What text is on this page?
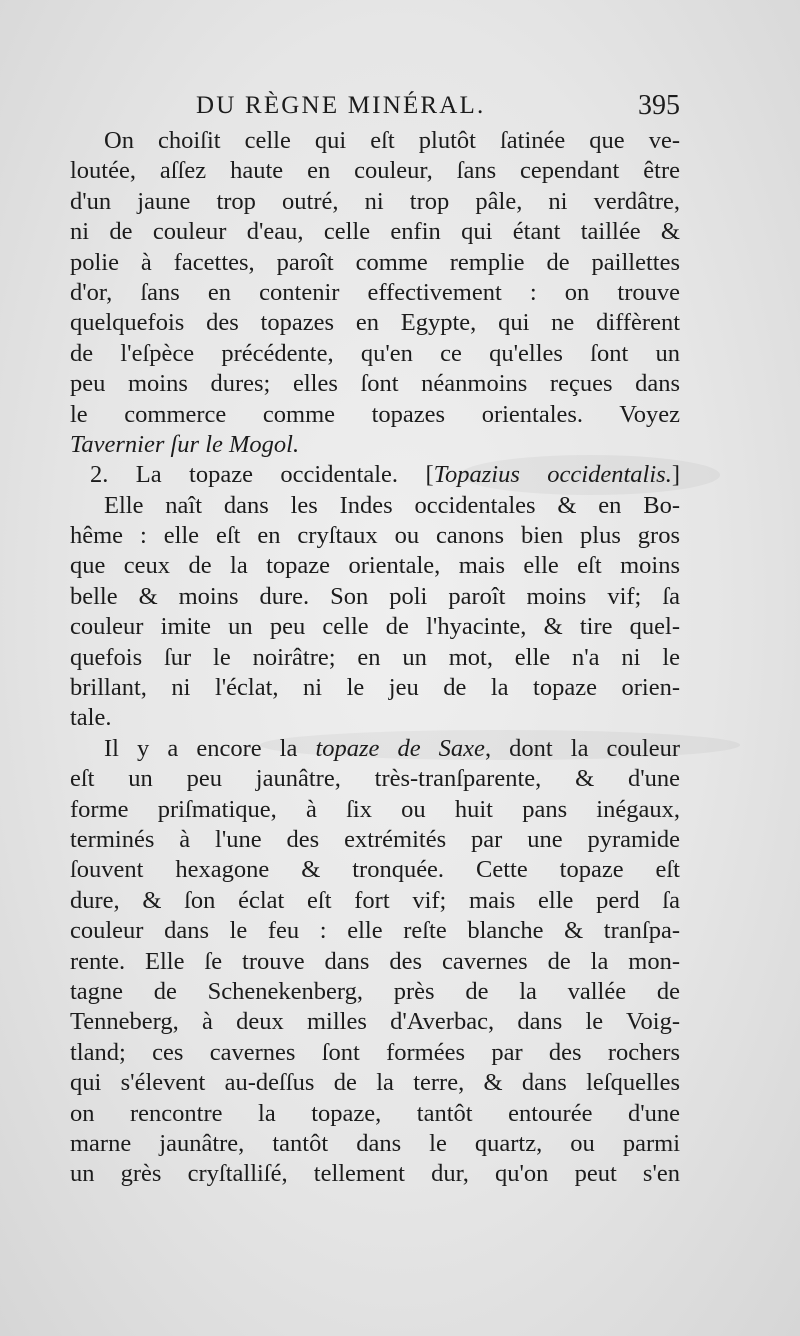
DU RÈGNE MINÉRAL.	395
On choiſit celle qui eſt plutôt ſatinée que ve-
loutée, aſſez haute en couleur, ſans cependant être
d'un jaune trop outré, ni trop pâle, ni verdâtre,
ni de couleur d'eau, celle enfin qui étant taillée &
polie à facettes, paroît comme remplie de paillettes
d'or, ſans en contenir effectivement : on trouve
quelquefois des topazes en Egypte, qui ne diffèrent
de l'eſpèce précédente, qu'en ce qu'elles ſont un
peu moins dures; elles ſont néanmoins reçues dans
le commerce comme topazes orientales. Voyez
Tavernier ſur le Mogol.
2. La topaze occidentale. [Topazius occidentalis.]
Elle naît dans les Indes occidentales & en Bo-
hême : elle eſt en cryſtaux ou canons bien plus gros
que ceux de la topaze orientale, mais elle eſt moins
belle & moins dure. Son poli paroît moins vif; ſa
couleur imite un peu celle de l'hyacinte, & tire quel-
quefois ſur le noirâtre; en un mot, elle n'a ni le
brillant, ni l'éclat, ni le jeu de la topaze orien-
tale.
Il y a encore la topaze de Saxe, dont la couleur
eſt un peu jaunâtre, très-tranſparente, & d'une
forme priſmatique, à ſix ou huit pans inégaux,
terminés à l'une des extrémités par une pyramide
ſouvent hexagone & tronquée. Cette topaze eſt
dure, & ſon éclat eſt fort vif; mais elle perd ſa
couleur dans le feu : elle reſte blanche & tranſpa-
rente. Elle ſe trouve dans des cavernes de la mon-
tagne de Schenekenberg, près de la vallée de
Tenneberg, à deux milles d'Averbac, dans le Voig-
tland; ces cavernes ſont formées par des rochers
qui s'élevent au-deſſus de la terre, & dans leſquelles
on rencontre la topaze, tantôt entourée d'une
marne jaunâtre, tantôt dans le quartz, ou parmi
un grès cryſtalliſé, tellement dur, qu'on peut s'en
